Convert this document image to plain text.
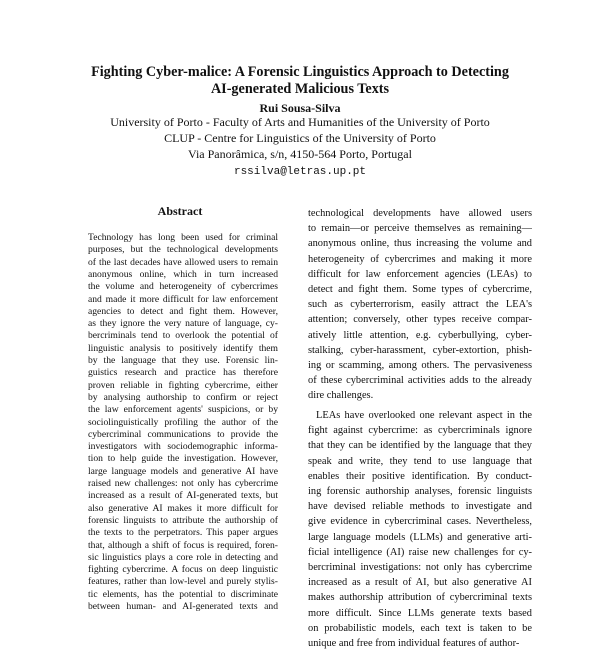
Fighting Cyber-malice: A Forensic Linguistics Approach to Detecting
AI-generated Malicious Texts
Rui Sousa-Silva
University of Porto - Faculty of Arts and Humanities of the University of Porto
CLUP - Centre for Linguistics of the University of Porto
Via Panorâmica, s/n, 4150-564 Porto, Portugal
rssilva@letras.up.pt
Abstract
Technology has long been used for criminal
purposes, but the technological developments
of the last decades have allowed users to remain
anonymous online, which in turn increased
the volume and heterogeneity of cybercrimes
and made it more difficult for law enforcement
agencies to detect and fight them. However,
as they ignore the very nature of language, cy-
bercriminals tend to overlook the potential of
linguistic analysis to positively identify them
by the language that they use. Forensic lin-
guistics research and practice has therefore
proven reliable in fighting cybercrime, either
by analysing authorship to confirm or reject
the law enforcement agents' suspicions, or by
sociolinguistically profiling the author of the
cybercriminal communications to provide the
investigators with sociodemographic informa-
tion to help guide the investigation. However,
large language models and generative AI have
raised new challenges: not only has cybercrime
increased as a result of AI-generated texts, but
also generative AI makes it more difficult for
forensic linguists to attribute the authorship of
the texts to the perpetrators. This paper argues
that, although a shift of focus is required, foren-
sic linguistics plays a core role in detecting and
fighting cybercrime. A focus on deep linguistic
features, rather than low-level and purely stylis-
tic elements, has the potential to discriminate
between human- and AI-generated texts and
technological developments have allowed users
to remain—or perceive themselves as remaining—
anonymous online, thus increasing the volume and
heterogeneity of cybercrimes and making it more
difficult for law enforcement agencies (LEAs) to
detect and fight them. Some types of cybercrime,
such as cyberterrorism, easily attract the LEA's
attention; conversely, other types receive compar-
atively little attention, e.g. cyberbullying, cyber-
stalking, cyber-harassment, cyber-extortion, phish-
ing or scamming, among others. The pervasiveness
of these cybercriminal activities adds to the already
dire challenges.
LEAs have overlooked one relevant aspect in the
fight against cybercrime: as cybercriminals ignore
that they can be identified by the language that they
speak and write, they tend to use language that
enables their positive identification. By conduct-
ing forensic authorship analyses, forensic linguists
have devised reliable methods to investigate and
give evidence in cybercriminal cases. Nevertheless,
large language models (LLMs) and generative arti-
ficial intelligence (AI) raise new challenges for cy-
bercriminal investigations: not only has cybercrime
increased as a result of AI, but also generative AI
makes authorship attribution of cybercriminal texts
more difficult. Since LLMs generate texts based
on probabilistic models, each text is taken to be
unique and free from individual features of author-
